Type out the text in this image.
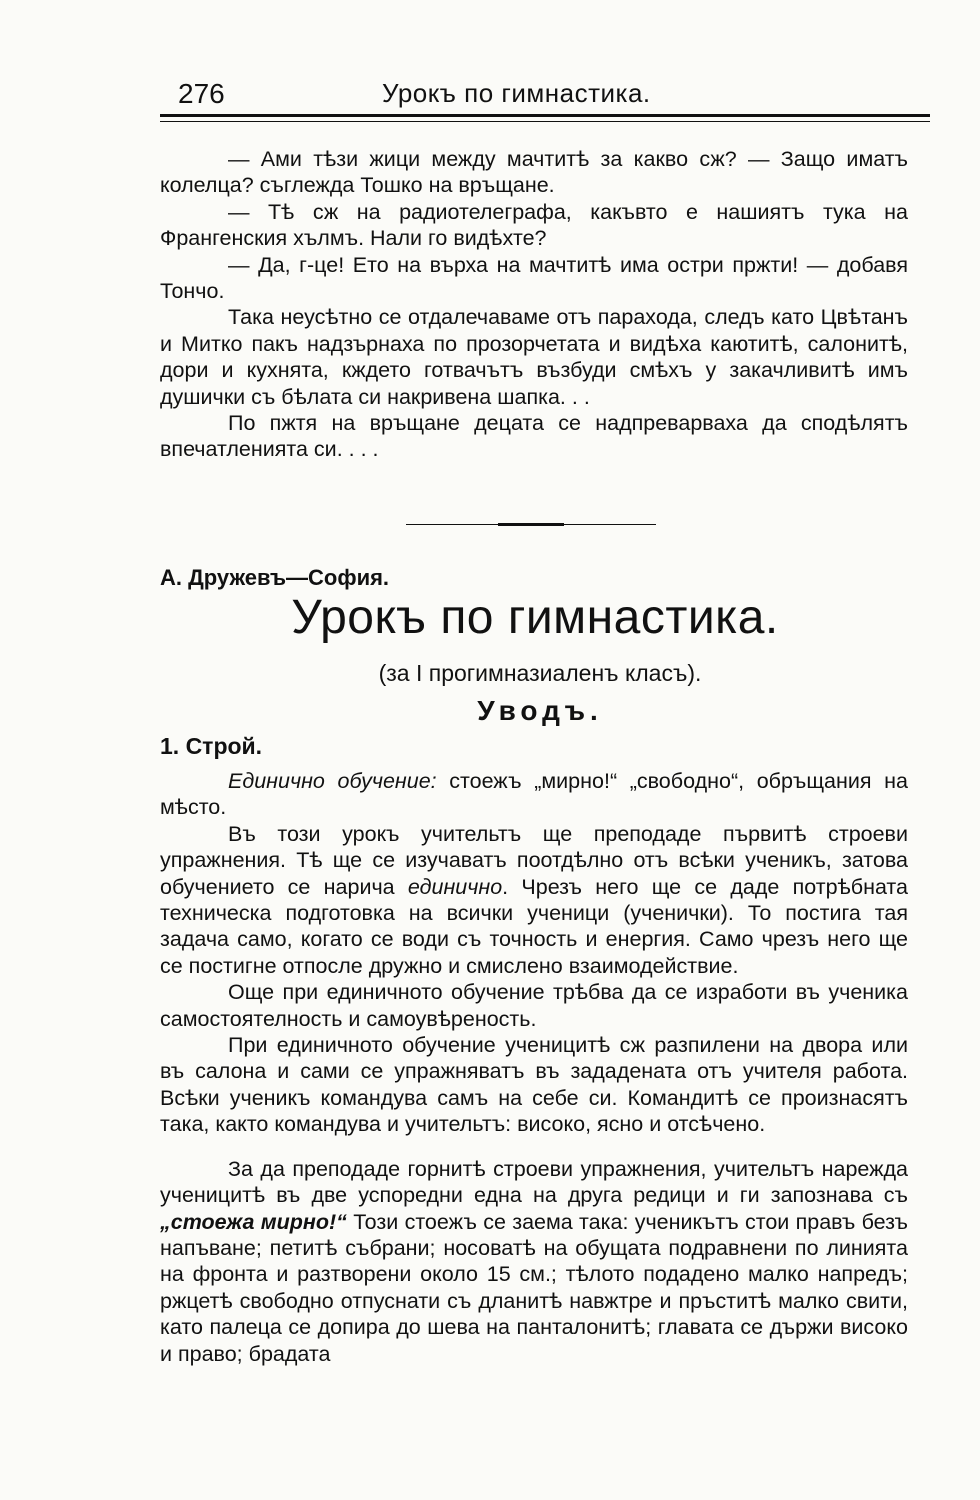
276	Урокъ по гимнастика.

— Ами тѣзи жици между мачтитѣ за какво сж? — Защо иматъ колелца? съглежда Тошко на връщане.

— Тѣ сж на радиотелеграфа, какъвто е нашиятъ тука на Франгенския хълмъ. Нали го видѣхте?

— Да, г-це! Ето на върха на мачтитѣ има остри пржти! — добавя Тончо.

Така неусѣтно се отдалечаваме отъ парахода, следъ като Цвѣтанъ и Митко пакъ надзърнаха по прозорчетата и видѣха каютитѣ, салонитѣ, дори и кухнята, кждето готвачътъ възбуди смѣхъ у закачливитѣ имъ душички съ бѣлата си накривена шапка. . .

По пжтя на връщане децата се надпреварваха да сподѣлятъ впечатленията си. . . .

А. Дружевъ—София.
Урокъ по гимнастика.
(за I прогимназиаленъ класъ).
Уводъ.
1. Строй.

Единично обучение: стоежъ „мирно!“ „свободно“, обръщания на мѣсто.

Въ този урокъ учительтъ ще преподаде първитѣ строеви упражнения. Тѣ ще се изучаватъ поотдѣлно отъ всѣки ученикъ, затова обучението се нарича единично. Чрезъ него ще се даде потрѣбната техническа подготовка на всички ученици (ученички). То постига тая задача само, когато се води съ точность и енергия. Само чрезъ него ще се постигне отпосле дружно и смислено взаимодействие.

Още при единичното обучение трѣбва да се изработи въ ученика самостоятелность и самоувѣреность.

При единичното обучение ученицитѣ сж разпилени на двора или въ салона и сами се упражняватъ въ зададената отъ учителя работа. Всѣки ученикъ командува самъ на себе си. Командитѣ се произнасятъ така, както командува и учительтъ: високо, ясно и отсѣчено.

За да преподаде горнитѣ строеви упражнения, учительтъ нарежда ученицитѣ въ две успоредни една на друга редици и ги запознава съ „стоежа мирно!“ Този стоежъ се заема така: ученикътъ стои правъ безъ напъване; петитѣ събрани; носоватѣ на обущата подравнени по линията на фронта и разтворени около 15 см.; тѣлото подадено малко напредъ; ржцетѣ свободно отпуснати съ дланитѣ навжтре и пръститѣ малко свити, като палеца се допира до шева на панталонитѣ; главата се държи високо и право; брадата
